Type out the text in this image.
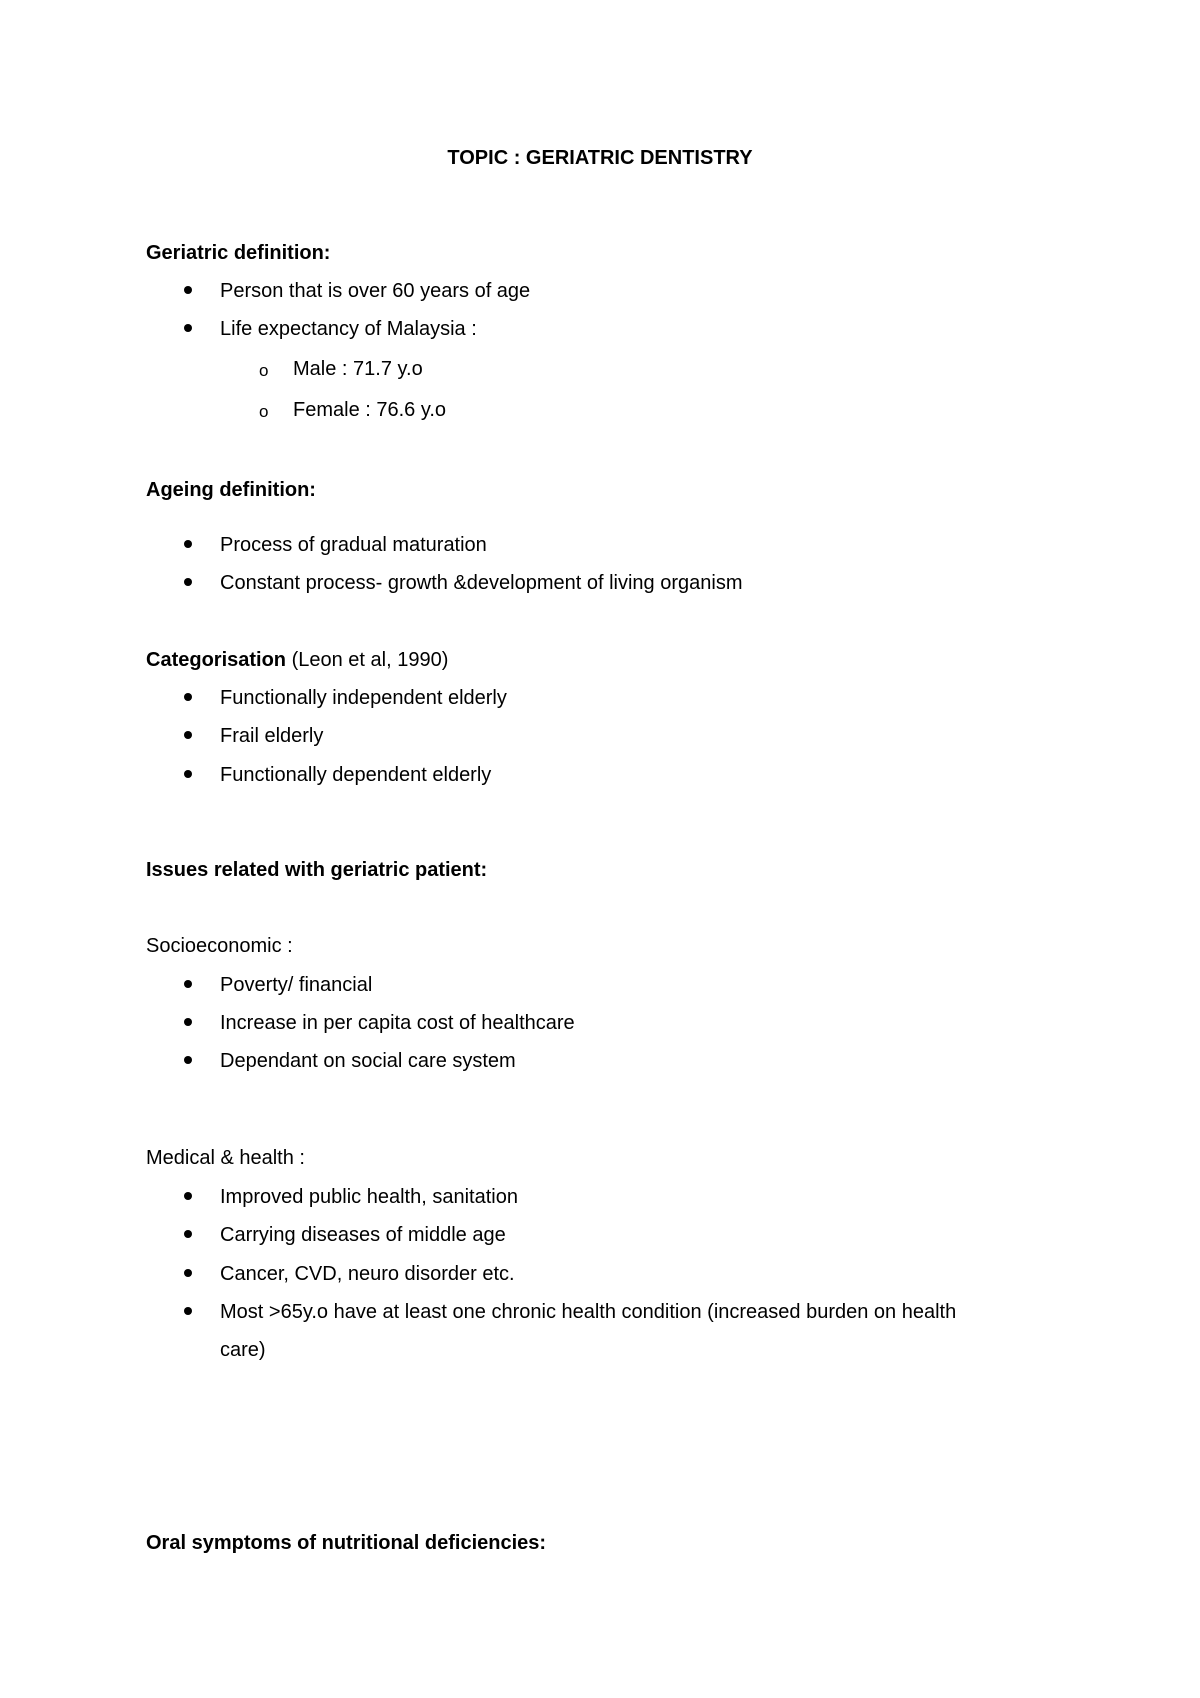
TOPIC : GERIATRIC DENTISTRY
Geriatric definition:
Person that is over 60 years of age
Life expectancy of Malaysia :
o Male : 71.7 y.o
o Female : 76.6 y.o
Ageing definition:
Process of gradual maturation
Constant process- growth &development of living organism
Categorisation (Leon et al, 1990)
Functionally independent elderly
Frail elderly
Functionally dependent elderly
Issues related with geriatric patient:
Socioeconomic :
Poverty/ financial
Increase in per capita cost of healthcare
Dependant on social care system
Medical & health :
Improved public health, sanitation
Carrying diseases of middle age
Cancer, CVD, neuro disorder etc.
Most >65y.o have at least one chronic health condition (increased burden on health
care)
Oral symptoms of nutritional deficiencies:
